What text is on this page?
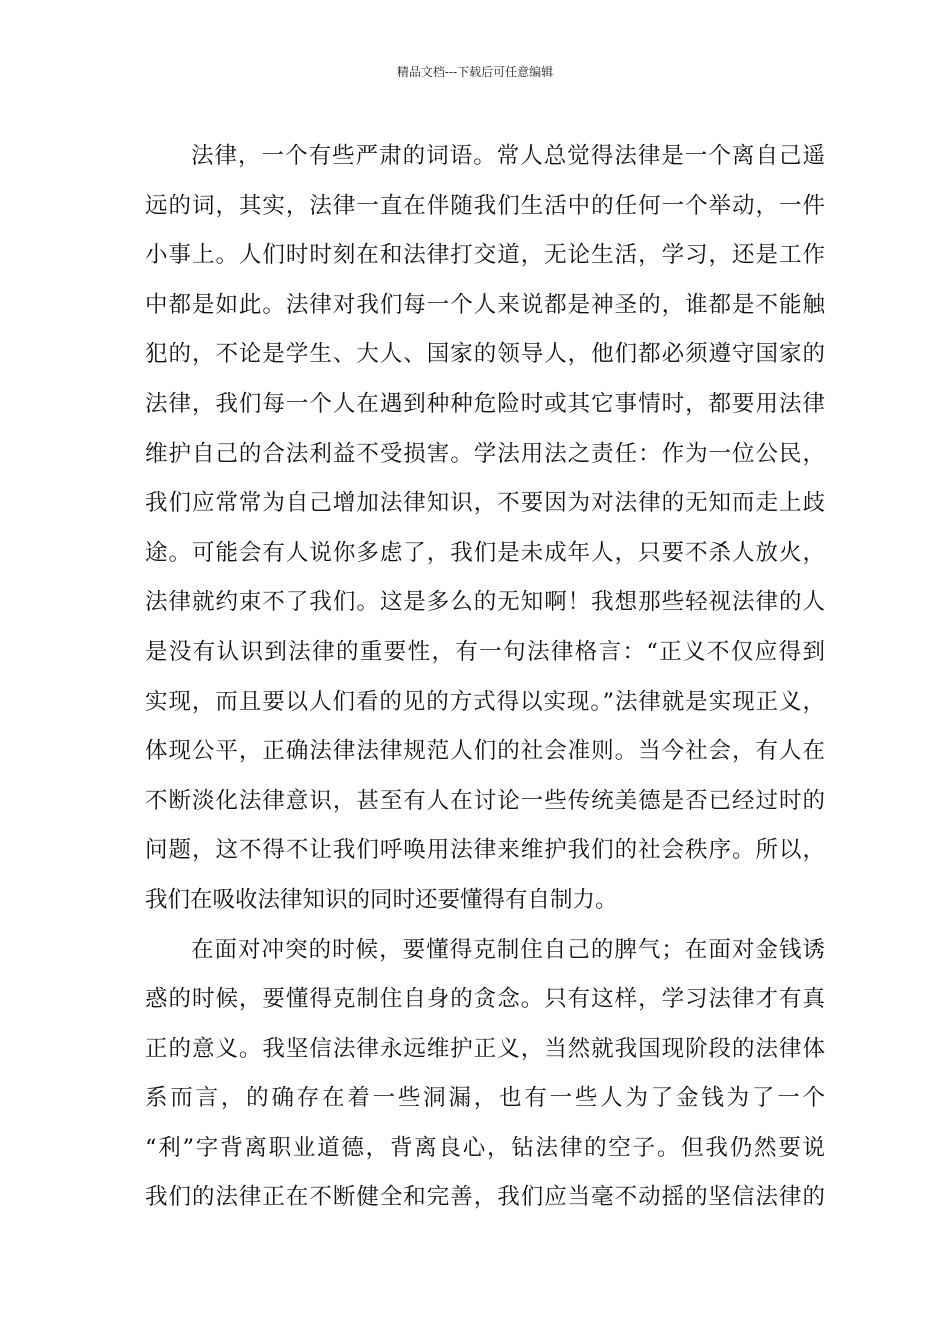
精品文档---下载后可任意编辑
法律，一个有些严肃的词语。常人总觉得法律是一个离自己遥
远的词，其实，法律一直在伴随我们生活中的任何一个举动，一件
小事上。人们时时刻在和法律打交道，无论生活，学习，还是工作
中都是如此。法律对我们每一个人来说都是神圣的，谁都是不能触
犯的，不论是学生、大人、国家的领导人，他们都必须遵守国家的
法律，我们每一个人在遇到种种危险时或其它事情时，都要用法律
维护自己的合法利益不受损害。学法用法之责任：作为一位公民，
我们应常常为自己增加法律知识，不要因为对法律的无知而走上歧
途。可能会有人说你多虑了，我们是未成年人，只要不杀人放火，
法律就约束不了我们。这是多么的无知啊！我想那些轻视法律的人
是没有认识到法律的重要性，有一句法律格言：“正义不仅应得到
实现，而且要以人们看的见的方式得以实现。”法律就是实现正义，
体现公平，正确法律法律规范人们的社会准则。当今社会，有人在
不断淡化法律意识，甚至有人在讨论一些传统美德是否已经过时的
问题，这不得不让我们呼唤用法律来维护我们的社会秩序。所以，
我们在吸收法律知识的同时还要懂得有自制力。
在面对冲突的时候，要懂得克制住自己的脾气；在面对金钱诱
惑的时候，要懂得克制住自身的贪念。只有这样，学习法律才有真
正的意义。我坚信法律永远维护正义，当然就我国现阶段的法律体
系而言，的确存在着一些洞漏，也有一些人为了金钱为了一个
“利”字背离职业道德，背离良心，钻法律的空子。但我仍然要说
我们的法律正在不断健全和完善，我们应当毫不动摇的坚信法律的
